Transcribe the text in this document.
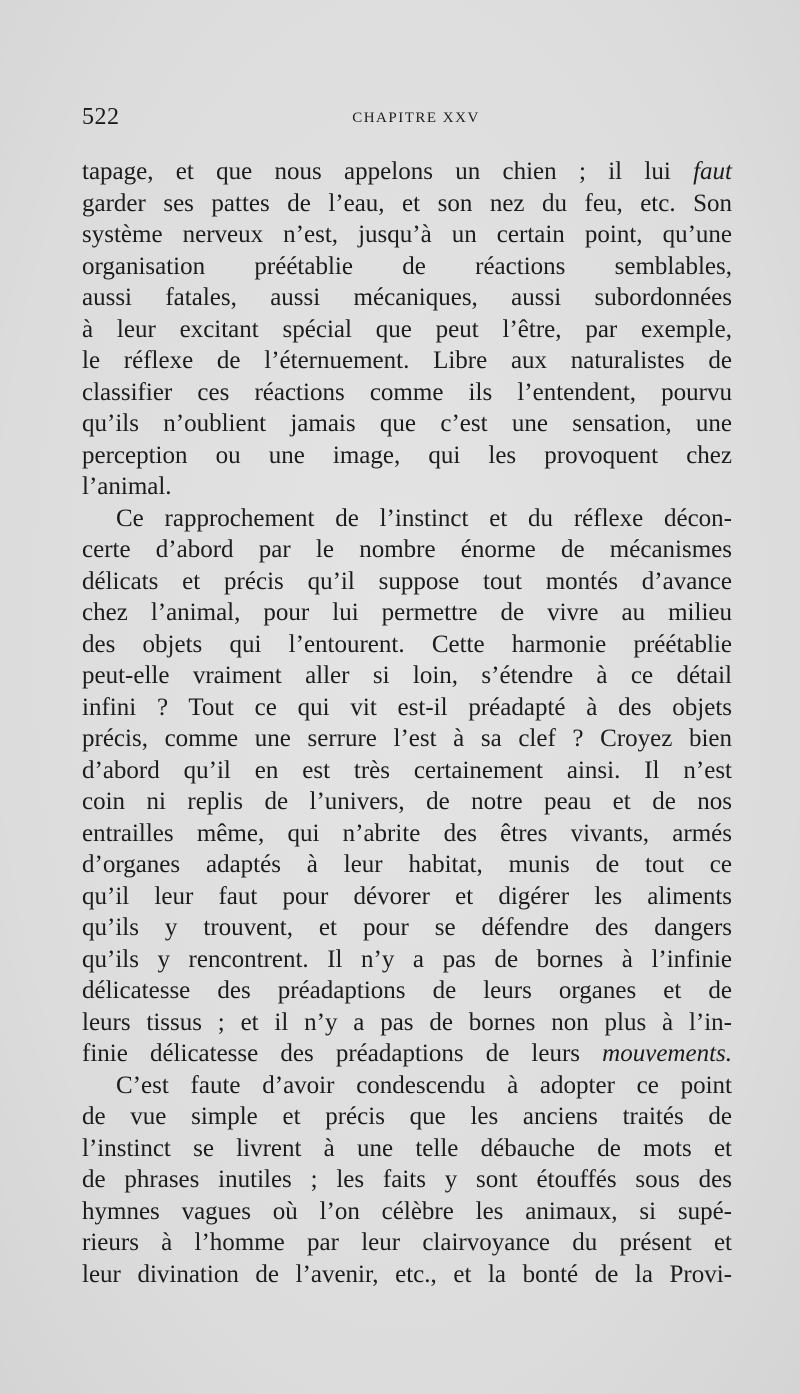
522	CHAPITRE XXV
tapage, et que nous appelons un chien ; il lui faut
garder ses pattes de l’eau, et son nez du feu, etc. Son
système nerveux n’est, jusqu’à un certain point, qu’une
organisation préétablie de réactions semblables,
aussi fatales, aussi mécaniques, aussi subordonnées
à leur excitant spécial que peut l’être, par exemple,
le réflexe de l’éternuement. Libre aux naturalistes de
classifier ces réactions comme ils l’entendent, pourvu
qu’ils n’oublient jamais que c’est une sensation, une
perception ou une image, qui les provoquent chez
l’animal.
Ce rapprochement de l’instinct et du réflexe décon-
certe d’abord par le nombre énorme de mécanismes
délicats et précis qu’il suppose tout montés d’avance
chez l’animal, pour lui permettre de vivre au milieu
des objets qui l’entourent. Cette harmonie préétablie
peut-elle vraiment aller si loin, s’étendre à ce détail
infini ? Tout ce qui vit est-il préadapté à des objets
précis, comme une serrure l’est à sa clef ? Croyez bien
d’abord qu’il en est très certainement ainsi. Il n’est
coin ni replis de l’univers, de notre peau et de nos
entrailles même, qui n’abrite des êtres vivants, armés
d’organes adaptés à leur habitat, munis de tout ce
qu’il leur faut pour dévorer et digérer les aliments
qu’ils y trouvent, et pour se défendre des dangers
qu’ils y rencontrent. Il n’y a pas de bornes à l’infinie
délicatesse des préadaptions de leurs organes et de
leurs tissus ; et il n’y a pas de bornes non plus à l’in-
finie délicatesse des préadaptions de leurs mouvements.
C’est faute d’avoir condescendu à adopter ce point
de vue simple et précis que les anciens traités de
l’instinct se livrent à une telle débauche de mots et
de phrases inutiles ; les faits y sont étouffés sous des
hymnes vagues où l’on célèbre les animaux, si supé-
rieurs à l’homme par leur clairvoyance du présent et
leur divination de l’avenir, etc., et la bonté de la Provi-
